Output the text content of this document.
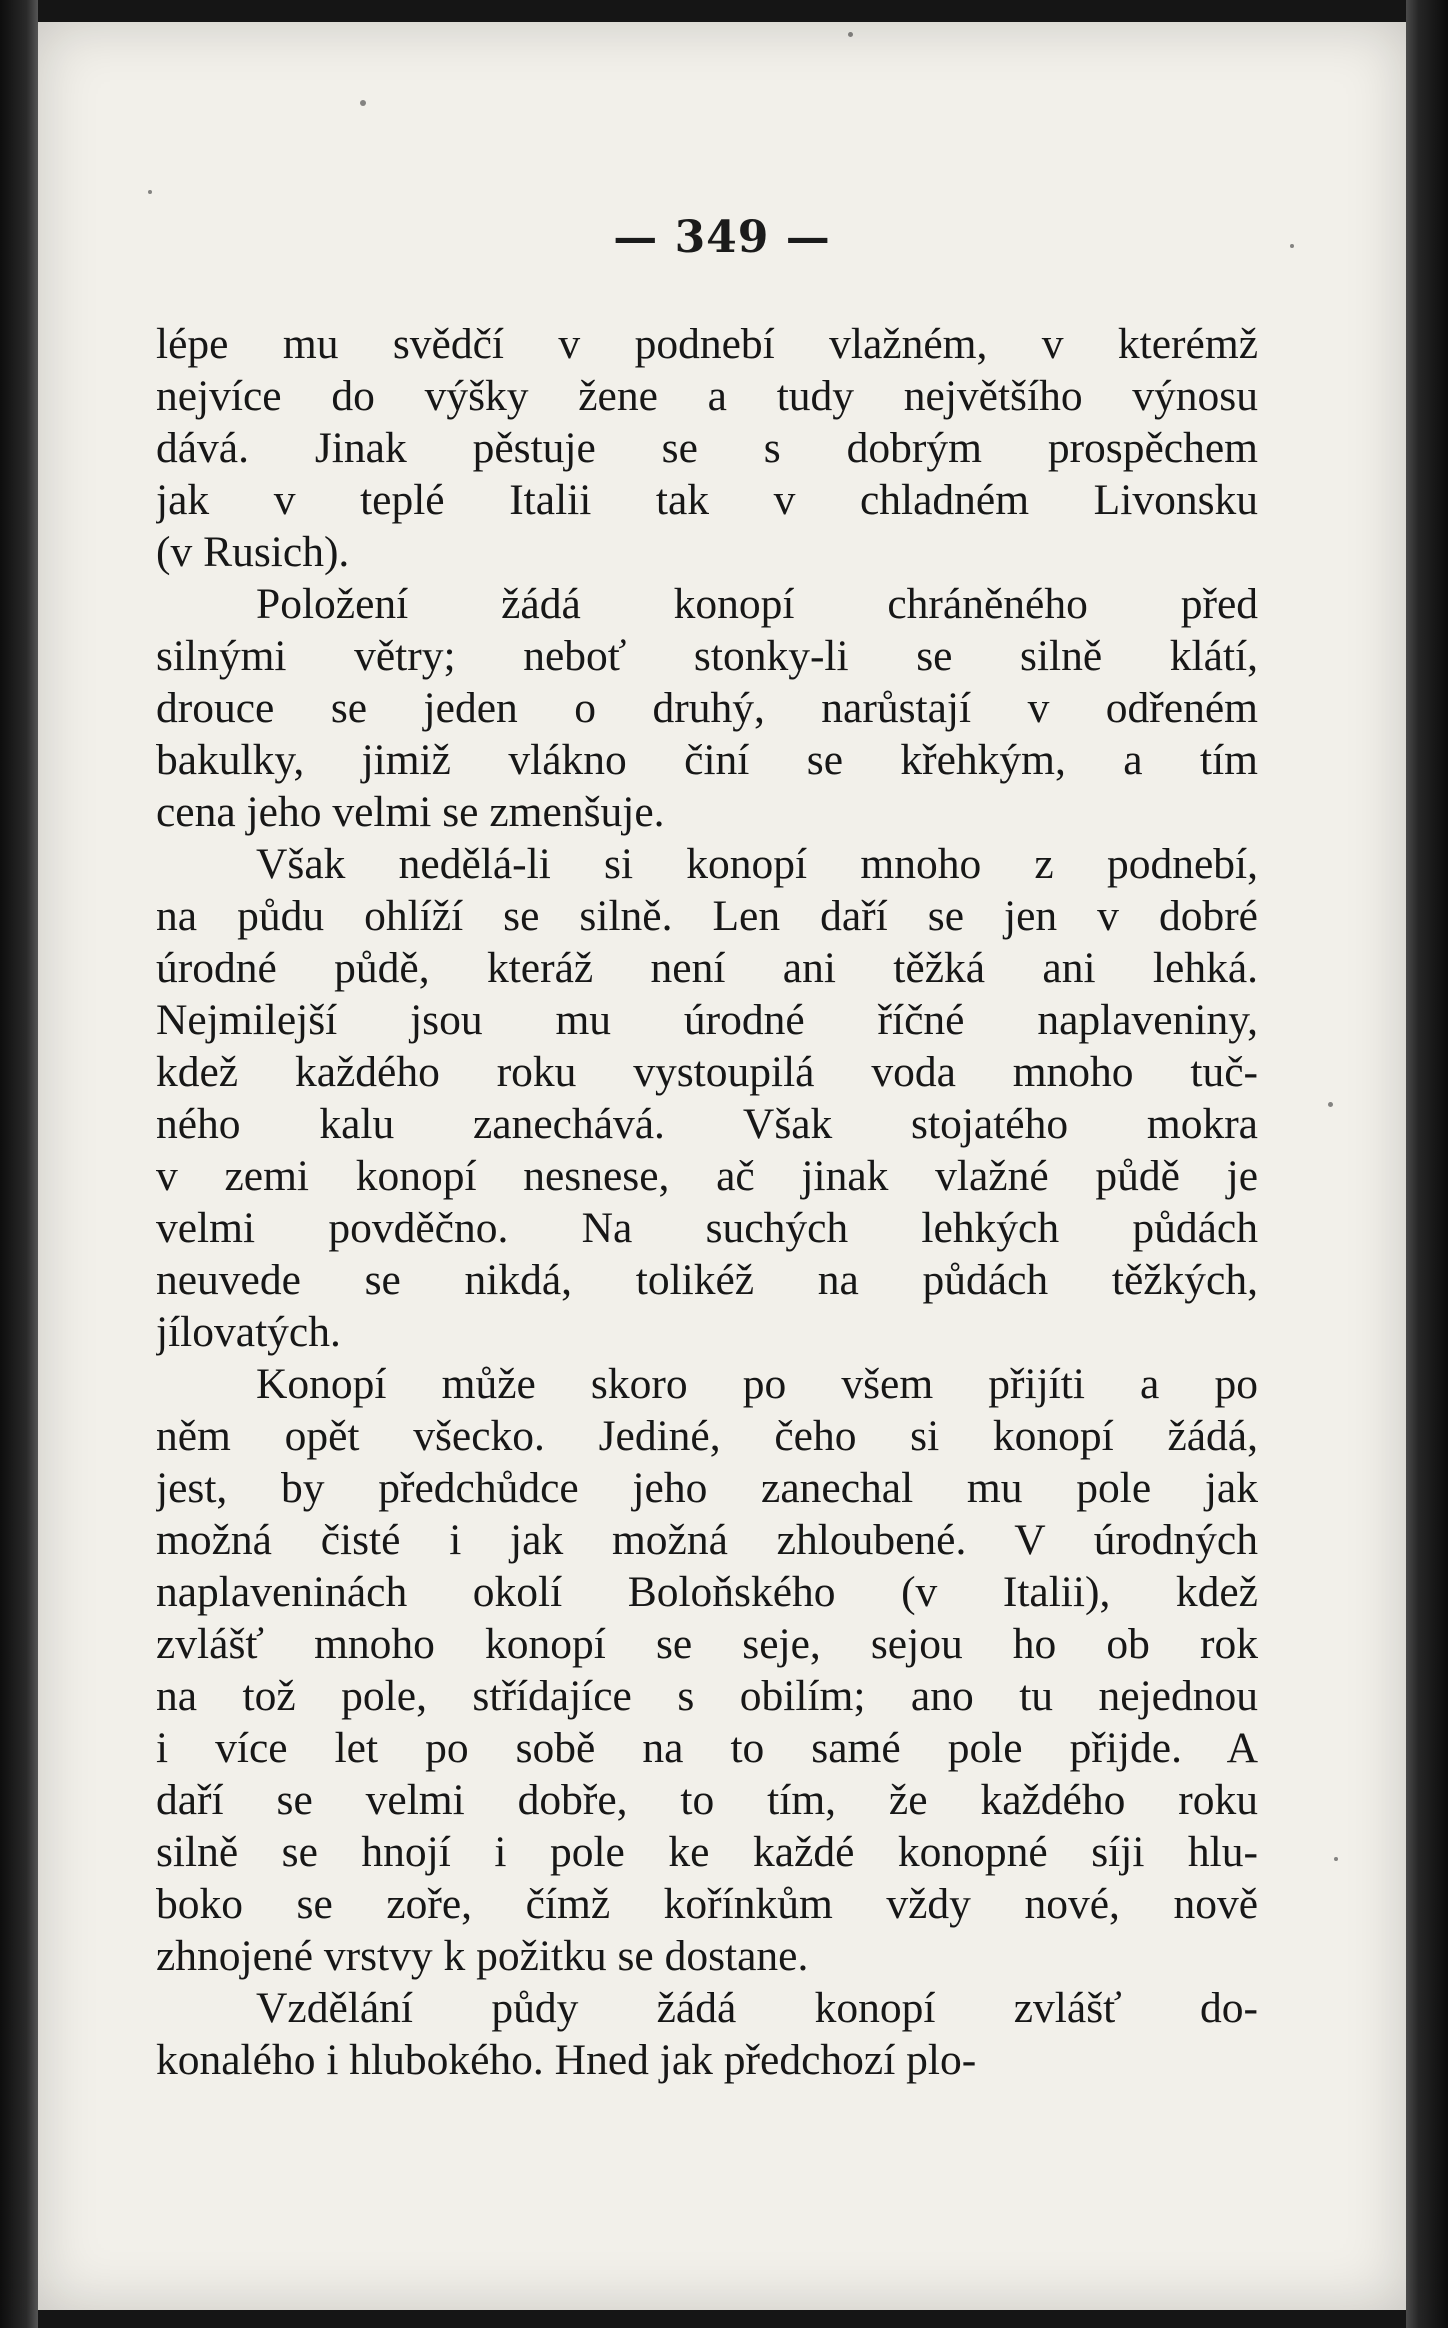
— 349 —
lépe mu svědčí v podnebí vlažném, v kterémž
nejvíce do výšky žene a tudy největšího výnosu
dává. Jinak pěstuje se s dobrým prospěchem
jak v teplé Italii tak v chladném Livonsku
(v Rusich).
Položení žádá konopí chráněného před
silnými větry; neboť stonky-li se silně klátí,
drouce se jeden o druhý, narůstají v odřeném
bakulky, jimiž vlákno činí se křehkým, a tím
cena jeho velmi se zmenšuje.
Však nedělá-li si konopí mnoho z podnebí,
na půdu ohlíží se silně. Len daří se jen v dobré
úrodné půdě, kteráž není ani těžká ani lehká.
Nejmilejší jsou mu úrodné říčné naplaveniny,
kdež každého roku vystoupilá voda mnoho tuč-
ného kalu zanechává. Však stojatého mokra
v zemi konopí nesnese, ač jinak vlažné půdě je
velmi povděčno. Na suchých lehkých půdách
neuvede se nikdá, tolikéž na půdách těžkých,
jílovatých.
Konopí může skoro po všem přijíti a po
něm opět všecko. Jediné, čeho si konopí žádá,
jest, by předchůdce jeho zanechal mu pole jak
možná čisté i jak možná zhloubené. V úrodných
naplaveninách okolí Boloňského (v Italii), kdež
zvlášť mnoho konopí se seje, sejou ho ob rok
na tož pole, střídajíce s obilím; ano tu nejednou
i více let po sobě na to samé pole přijde. A
daří se velmi dobře, to tím, že každého roku
silně se hnojí i pole ke každé konopné síji hlu-
boko se zoře, čímž kořínkům vždy nové, nově
zhnojené vrstvy k požitku se dostane.
Vzdělání půdy žádá konopí zvlášť do-
konalého i hlubokého. Hned jak předchozí plo-
